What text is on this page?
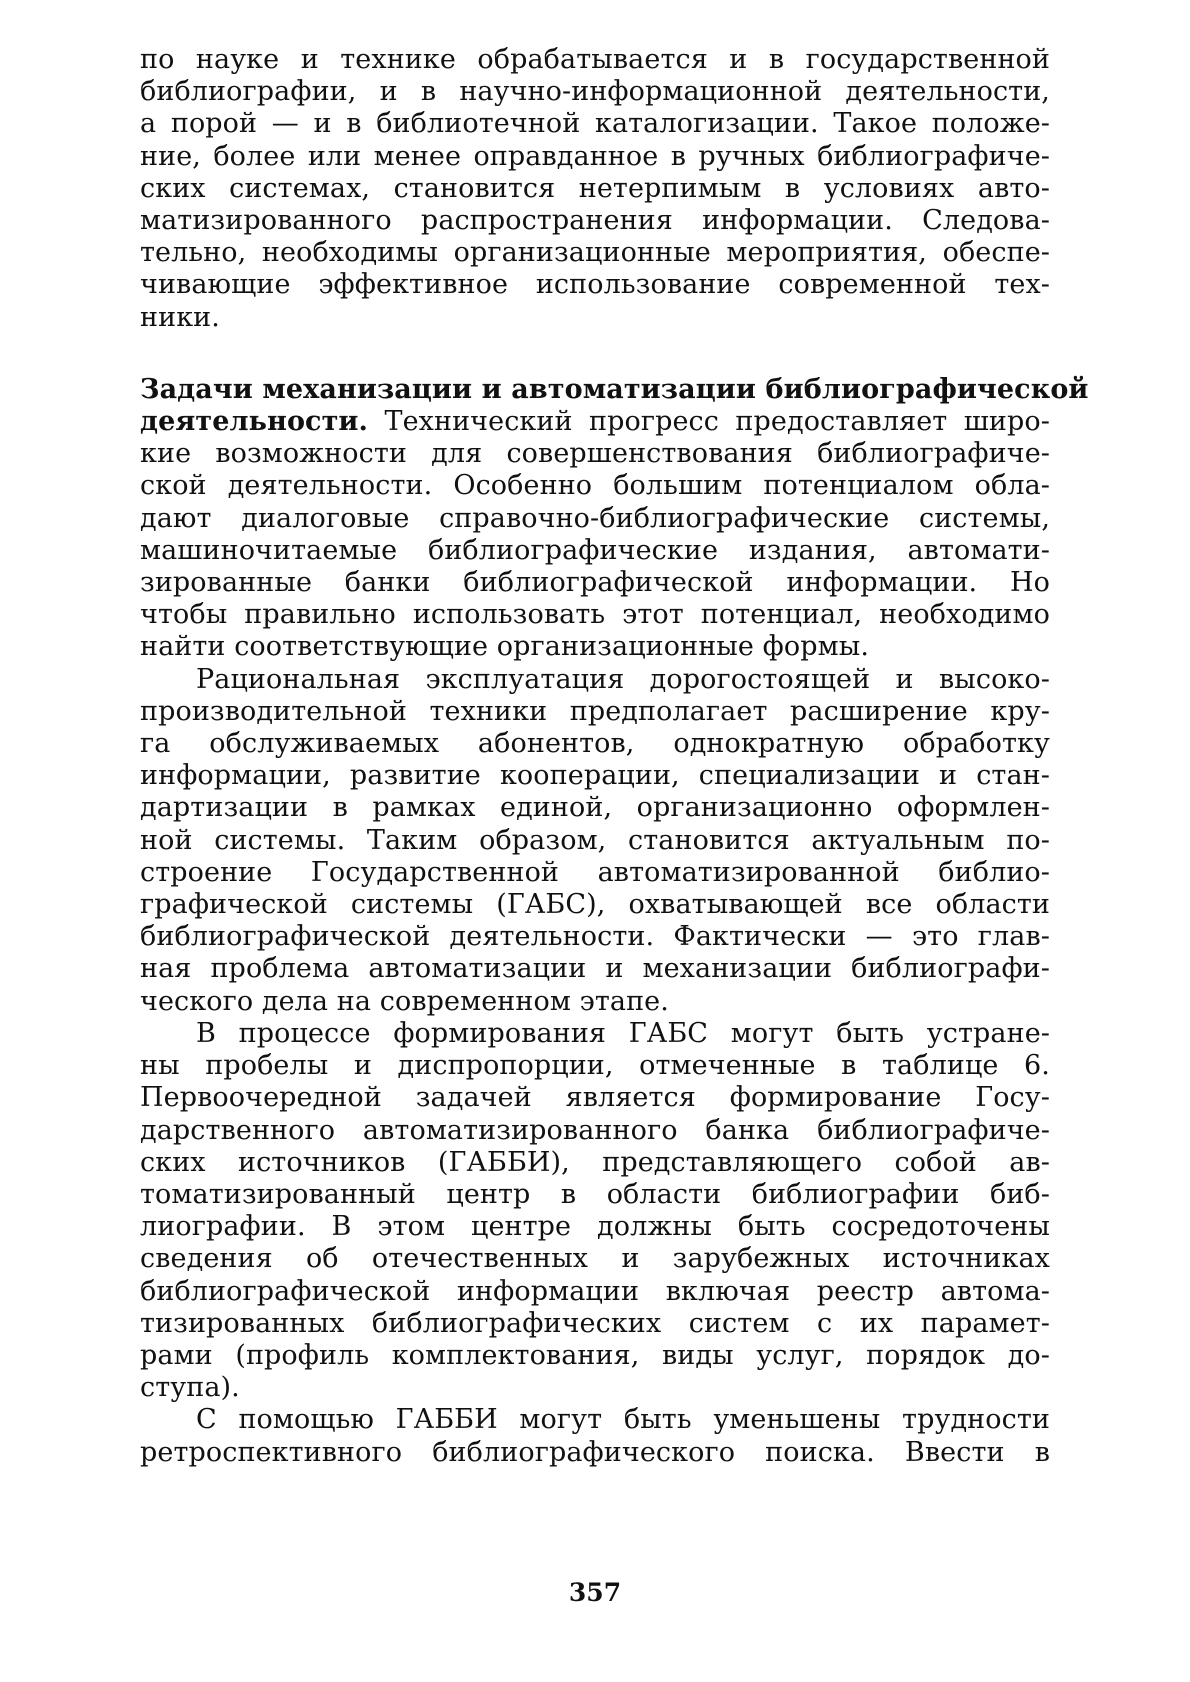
по науке и технике обрабатывается и в государственной
библиографии, и в научно-информационной деятельности,
а порой — и в библиотечной каталогизации. Такое положе-
ние, более или менее оправданное в ручных библиографиче-
ских системах, становится нетерпимым в условиях авто-
матизированного распространения информации. Следова-
тельно, необходимы организационные мероприятия, обеспе-
чивающие эффективное использование современной тех-
ники.
Задачи механизации и автоматизации библиографической
деятельности. Технический прогресс предоставляет широ-
кие возможности для совершенствования библиографиче-
ской деятельности. Особенно большим потенциалом обла-
дают диалоговые справочно-библиографические системы,
машиночитаемые библиографические издания, автомати-
зированные банки библиографической информации. Но
чтобы правильно использовать этот потенциал, необходимо
найти соответствующие организационные формы.
Рациональная эксплуатация дорогостоящей и высоко-
производительной техники предполагает расширение кру-
га обслуживаемых абонентов, однократную обработку
информации, развитие кооперации, специализации и стан-
дартизации в рамках единой, организационно оформлен-
ной системы. Таким образом, становится актуальным по-
строение Государственной автоматизированной библио-
графической системы (ГАБС), охватывающей все области
библиографической деятельности. Фактически — это глав-
ная проблема автоматизации и механизации библиографи-
ческого дела на современном этапе.
В процессе формирования ГАБС могут быть устране-
ны пробелы и диспропорции, отмеченные в таблице 6.
Первоочередной задачей является формирование Госу-
дарственного автоматизированного банка библиографиче-
ских источников (ГАББИ), представляющего собой ав-
томатизированный центр в области библиографии биб-
лиографии. В этом центре должны быть сосредоточены
сведения об отечественных и зарубежных источниках
библиографической информации включая реестр автома-
тизированных библиографических систем с их парамет-
рами (профиль комплектования, виды услуг, порядок до-
ступа).
С помощью ГАББИ могут быть уменьшены трудности
ретроспективного библиографического поиска. Ввести в
357
